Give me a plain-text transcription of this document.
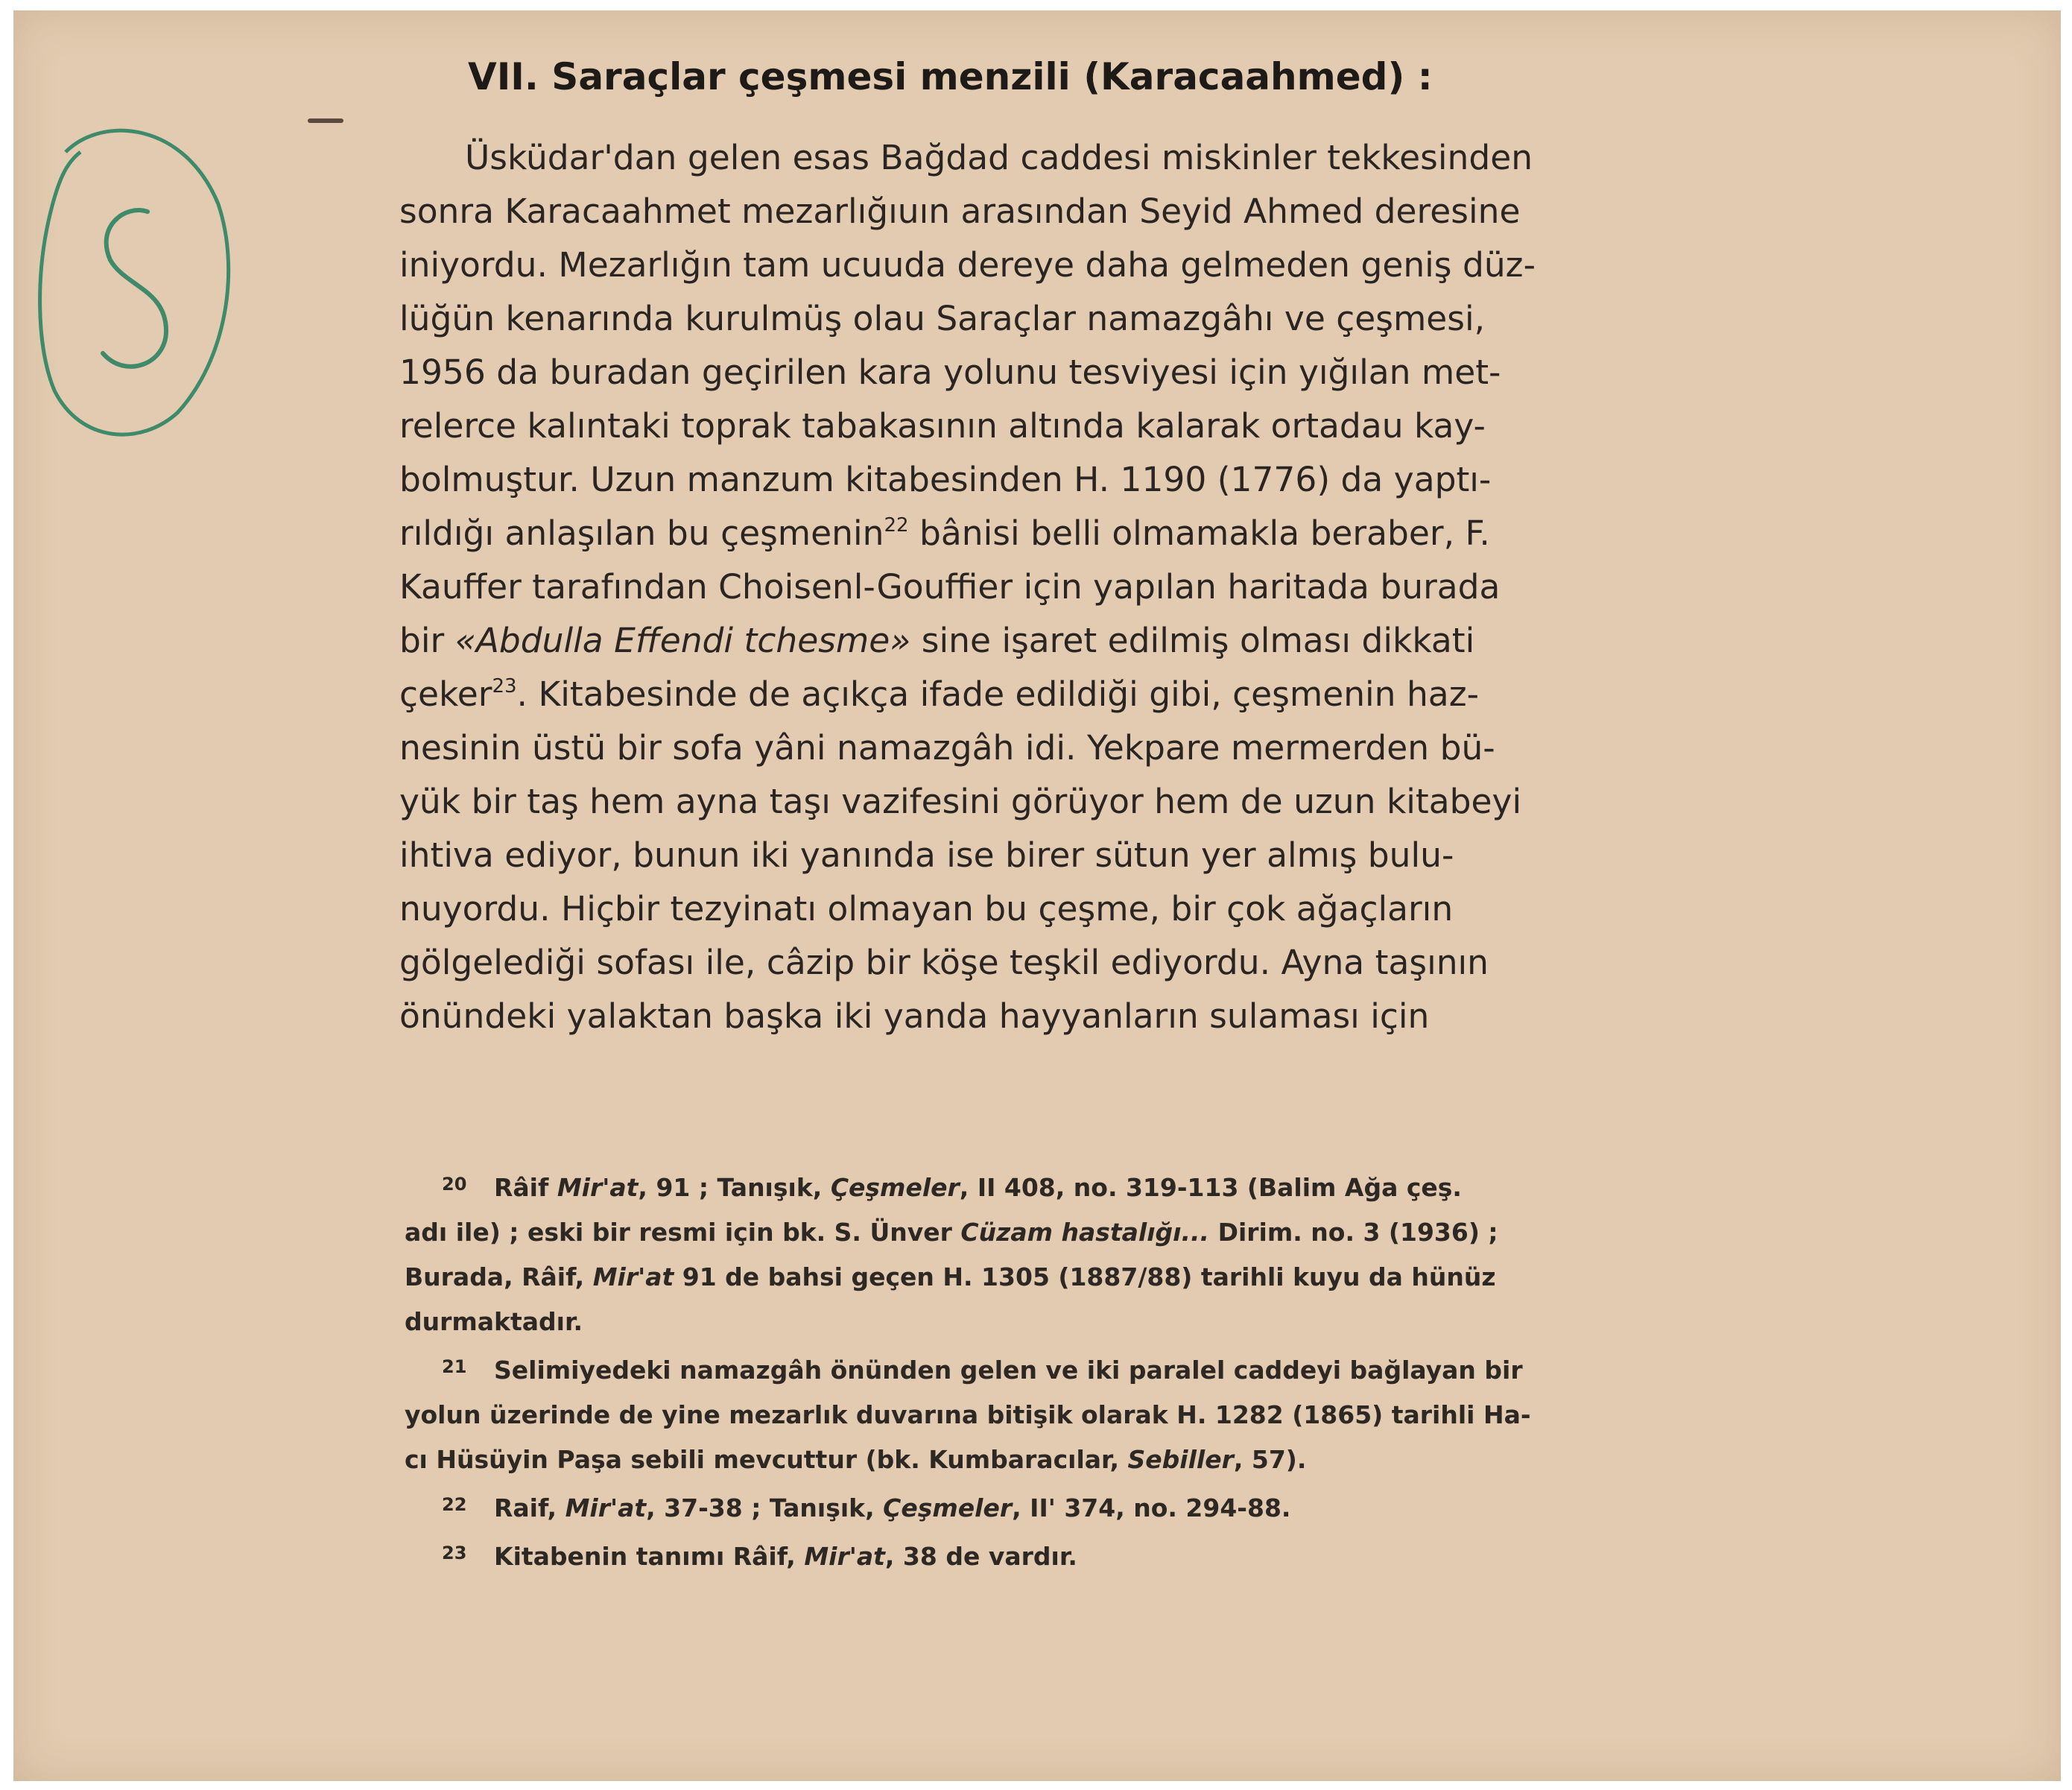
VII. Saraçlar çeşmesi menzili (Karacaahmed) :
Üsküdar'dan gelen esas Bağdad caddesi miskinler tekkesinden
sonra Karacaahmet mezarlığıuın arasından Seyid Ahmed deresine
iniyordu. Mezarlığın tam ucuuda dereye daha gelmeden geniş düz-
lüğün kenarında kurulmüş olau Saraçlar namazgâhı ve çeşmesi,
1956 da buradan geçirilen kara yolunu tesviyesi için yığılan met-
relerce kalıntaki toprak tabakasının altında kalarak ortadau kay-
bolmuştur. Uzun manzum kitabesinden H. 1190 (1776) da yaptı-
rıldığı anlaşılan bu çeşmenin$^{22}$ bânisi belli olmamakla beraber, F.
Kauffer tarafından Choisenl-Gouffier için yapılan haritada burada
bir «Abdulla Effendi tchesme» sine işaret edilmiş olması dikkati
çeker$^{23}$. Kitabesinde de açıkça ifade edildiği gibi, çeşmenin haz-
nesinin üstü bir sofa yâni namazgâh idi. Yekpare mermerden bü-
yük bir taş hem ayna taşı vazifesini görüyor hem de uzun kitabeyi
ihtiva ediyor, bunun iki yanında ise birer sütun yer almış bulu-
nuyordu. Hiçbir tezyinatı olmayan bu çeşme, bir çok ağaçların
gölgelediği sofası ile, câzip bir köşe teşkil ediyordu. Ayna taşının
önündeki yalaktan başka iki yanda hayyanların sulaması için
20 Râif Mir'at, 91 ; Tanışık, Çeşmeler, II 408, no. 319-113 (Balim Ağa çeş.
adı ile) ; eski bir resmi için bk. S. Ünver Cüzam hastalığı... Dirim. no. 3 (1936) ;
Burada, Râif, Mir'at 91 de bahsi geçen H. 1305 (1887/88) tarihli kuyu da hünüz
durmaktadır.
21 Selimiyedeki namazgâh önünden gelen ve iki paralel caddeyi bağlayan bir
yolun üzerinde de yine mezarlık duvarına bitişik olarak H. 1282 (1865) tarihli Ha-
cı Hüsüyin Paşa sebili mevcuttur (bk. Kumbaracılar, Sebiller, 57).
22 Raif, Mir'at, 37-38 ; Tanışık, Çeşmeler, II' 374, no. 294-88.
23 Kitabenin tanımı Râif, Mir'at, 38 de vardır.
